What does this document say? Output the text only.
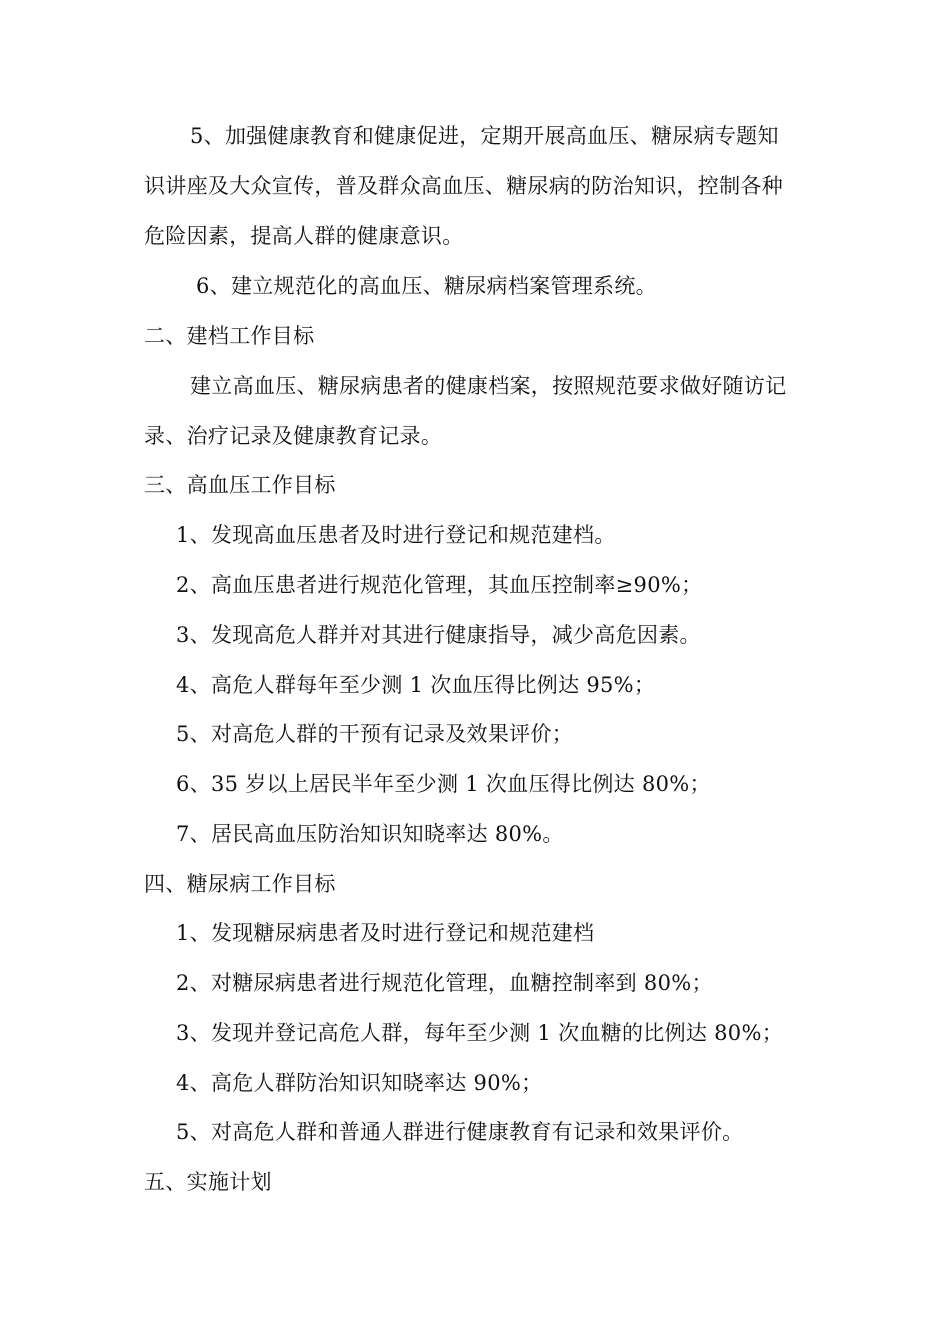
5、加强健康教育和健康促进，定期开展高血压、糖尿病专题知
识讲座及大众宣传，普及群众高血压、糖尿病的防治知识，控制各种
危险因素，提高人群的健康意识。
6、建立规范化的高血压、糖尿病档案管理系统。
二、建档工作目标
建立高血压、糖尿病患者的健康档案，按照规范要求做好随访记
录、治疗记录及健康教育记录。
三、高血压工作目标
1、发现高血压患者及时进行登记和规范建档。
2、高血压患者进行规范化管理，其血压控制率≥90%；
3、发现高危人群并对其进行健康指导，减少高危因素。
4、高危人群每年至少测 1 次血压得比例达 95%；
5、对高危人群的干预有记录及效果评价；
6、35 岁以上居民半年至少测 1 次血压得比例达 80%；
7、居民高血压防治知识知晓率达 80%。
四、糖尿病工作目标
1、发现糖尿病患者及时进行登记和规范建档
2、对糖尿病患者进行规范化管理，血糖控制率到 80%；
3、发现并登记高危人群，每年至少测 1 次血糖的比例达 80%；
4、高危人群防治知识知晓率达 90%；
5、对高危人群和普通人群进行健康教育有记录和效果评价。
五、实施计划
